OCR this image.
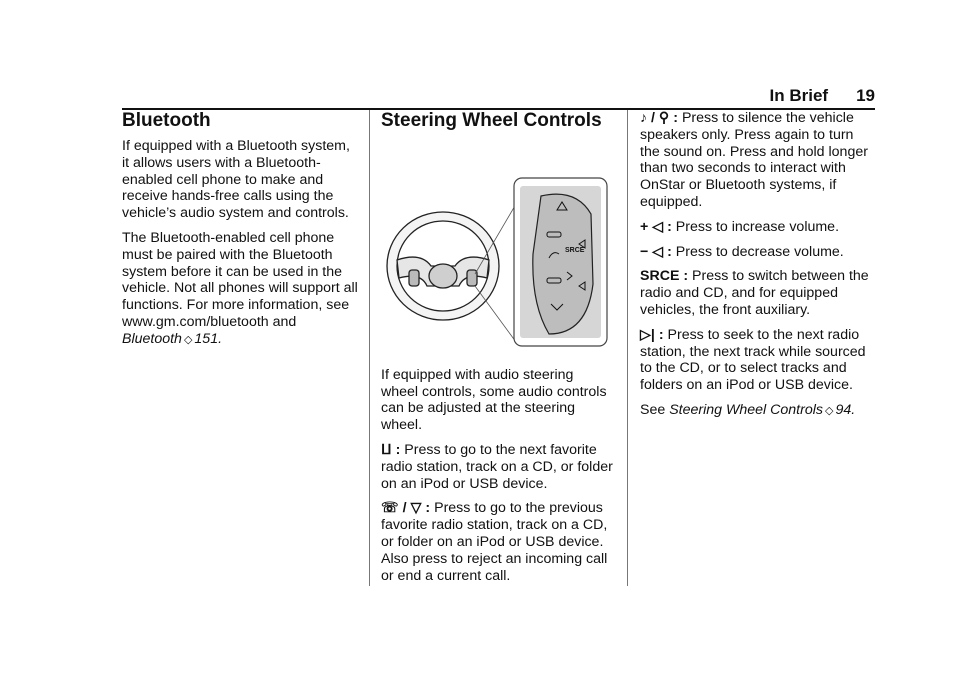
In Brief 19
Bluetooth

If equipped with a Bluetooth system, it allows users with a Bluetooth-enabled cell phone to make and receive hands-free calls using the vehicle’s audio system and controls.

The Bluetooth-enabled cell phone must be paired with the Bluetooth system before it can be used in the vehicle. Not all phones will support all functions. For more information, see www.gm.com/bluetooth and Bluetooth ◇ 151.

Steering Wheel Controls
SRCE

If equipped with audio steering wheel controls, some audio controls can be adjusted at the steering wheel.

ⵡ : Press to go to the next favorite radio station, track on a CD, or folder on an iPod or USB device.

☏ / ▽ : Press to go to the previous favorite radio station, track on a CD, or folder on an iPod or USB device. Also press to reject an incoming call or end a current call.

♪ / ⚲ : Press to silence the vehicle speakers only. Press again to turn the sound on. Press and hold longer than two seconds to interact with OnStar or Bluetooth systems, if equipped.

+ ◁ : Press to increase volume.

− ◁ : Press to decrease volume.

SRCE : Press to switch between the radio and CD, and for equipped vehicles, the front auxiliary.

▷| : Press to seek to the next radio station, the next track while sourced to the CD, or to select tracks and folders on an iPod or USB device.

See Steering Wheel Controls ◇ 94.
